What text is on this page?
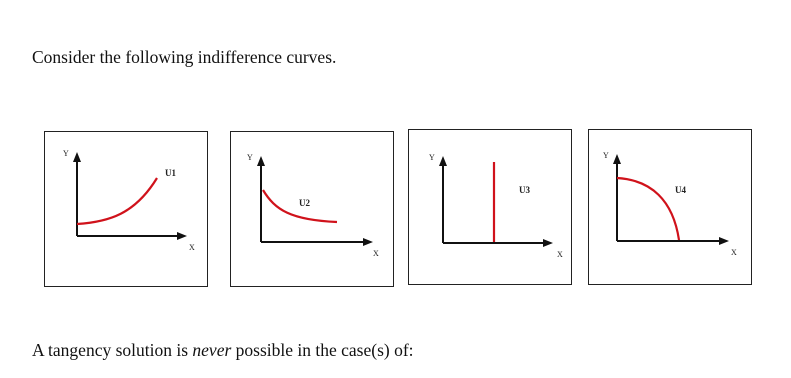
Consider the following indifference curves.

Y
X
U1
Y
X
U2
Y
X
U3
Y
X
U4

A tangency solution is never possible in the case(s) of:
